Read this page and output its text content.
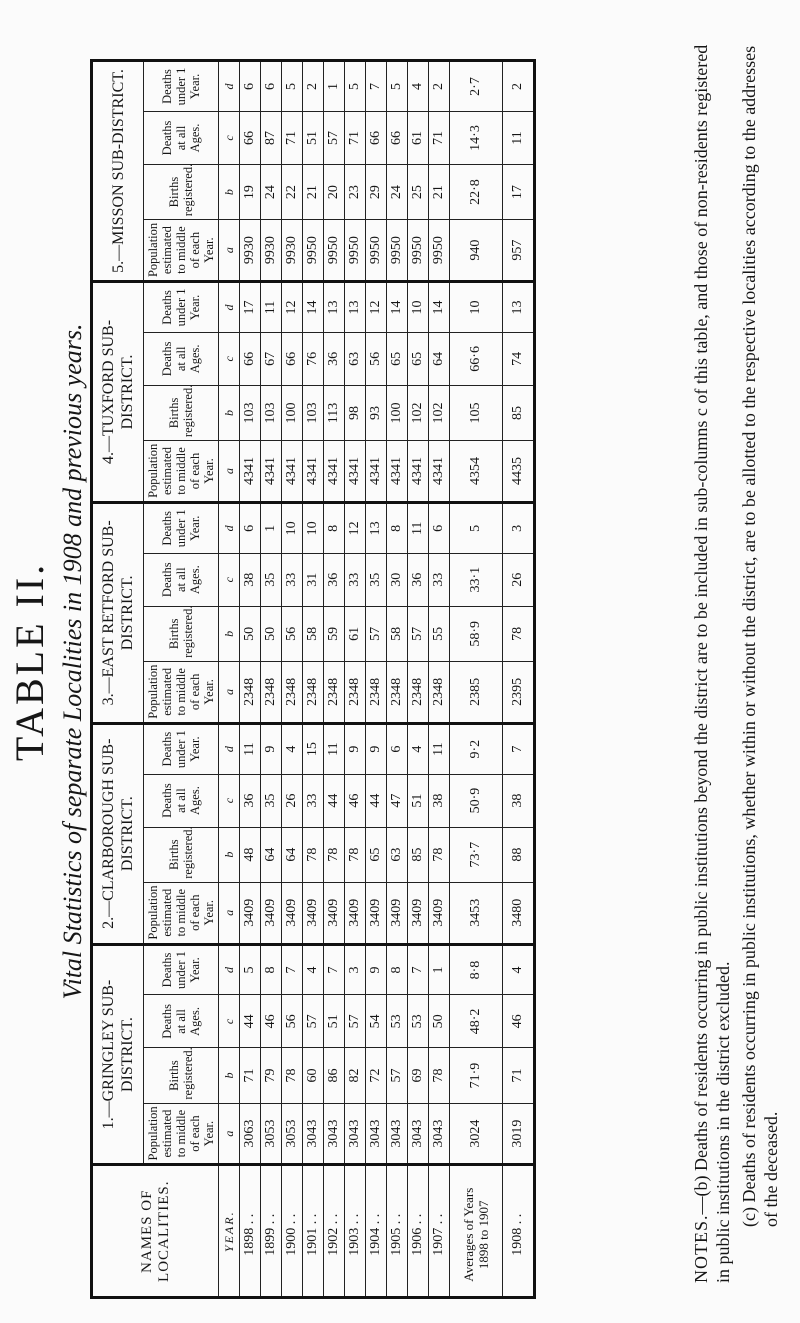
TABLE II. Vital Statistics of separate Localities in 1908 and previous years.
NAMES OF LOCALITIES.	1.—GRINGLEY SUB-DISTRICT.				2.—CLARBOROUGH SUB-DISTRICT.				3.—EAST RETFORD SUB-DISTRICT.				4.—TUXFORD SUB-DISTRICT.				5.—MISSON SUB-DISTRICT.			
	Population estimated to middle of each Year.	Births registered.	Deaths at all Ages.	Deaths under 1 Year.	Population estimated to middle of each Year.	Births registered.	Deaths at all Ages.	Deaths under 1 Year.	Population estimated to middle of each Year.	Births registered.	Deaths at all Ages.	Deaths under 1 Year.	Population estimated to middle of each Year.	Births registered.	Deaths at all Ages.	Deaths under 1 Year.	Population estimated to middle of each Year.	Births registered.	Deaths at all Ages.	Deaths under 1 Year.
YEAR.	a	b	c	d	a	b	c	d	a	b	c	d	a	b	c	d	a	b	c	d
1898 . .	3063	71	44	5	3409	48	36	11	2348	50	38	6	4341	103	66	17	9930	19	66	6
1899 . .	3053	79	46	8	3409	64	35	9	2348	50	35	1	4341	103	67	11	9930	24	87	6
1900 . .	3053	78	56	7	3409	64	26	4	2348	56	33	10	4341	100	66	12	9930	22	71	5
1901 . .	3043	60	57	4	3409	78	33	15	2348	58	31	10	4341	103	76	14	9950	21	51	2
1902 . .	3043	86	51	7	3409	78	44	11	2348	59	36	8	4341	113	36	13	9950	20	57	1
1903 . .	3043	82	57	3	3409	78	46	9	2348	61	33	12	4341	98	63	13	9950	23	71	5
1904 . .	3043	72	54	9	3409	65	44	9	2348	57	35	13	4341	93	56	12	9950	29	66	7
1905 . .	3043	57	53	8	3409	63	47	6	2348	58	30	8	4341	100	65	14	9950	24	66	5
1906 . .	3043	69	53	7	3409	85	51	4	2348	57	36	11	4341	102	65	10	9950	25	61	4
1907 . .	3043	78	50	1	3409	78	38	11	2348	55	33	6	4341	102	64	14	9950	21	71	2
Averages of Years 1898 to 1907	3024	71·9	48·2	8·8	3453	73·7	50·9	9·2	2385	58·9	33·1	5	4354	105	66·6	10	940	22·8	14·3	2·7
1908 . .	3019	71	46	4	3480	88	38	7	2395	78	26	3	4435	85	74	13	957	17	11	2

NOTES.—(b) Deaths of residents occurring in public institutions beyond the district are to be included in sub-columns c of this table, and those of non-residents registered in public institutions in the district excluded. (c) Deaths of residents occurring in public institutions, whether within or without the district, are to be allotted to the respective localities according to the addresses of the deceased.
